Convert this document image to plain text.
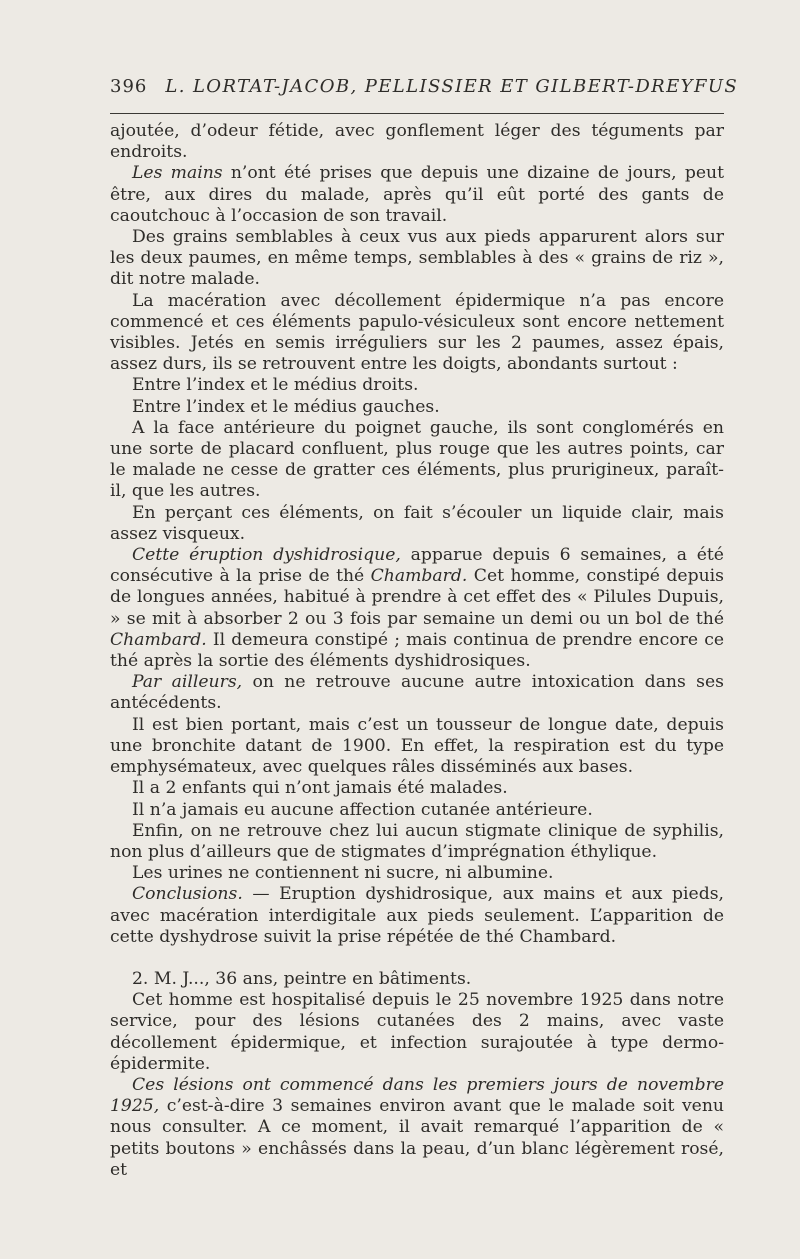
396 L. LORTAT-JACOB, PELLISSIER ET GILBERT-DREYFUS

ajoutée, d’odeur fétide, avec gonflement léger des téguments par endroits.

Les mains n’ont été prises que depuis une dizaine de jours, peut être, aux dires du malade, après qu’il eût porté des gants de caoutchouc à l’occasion de son travail.

Des grains semblables à ceux vus aux pieds apparurent alors sur les deux paumes, en même temps, semblables à des « grains de riz », dit notre malade.

La macération avec décollement épidermique n’a pas encore commencé et ces éléments papulo-vésiculeux sont encore nettement visibles. Jetés en semis irréguliers sur les 2 paumes, assez épais, assez durs, ils se retrouvent entre les doigts, abondants surtout :

Entre l’index et le médius droits.

Entre l’index et le médius gauches.

A la face antérieure du poignet gauche, ils sont conglomérés en une sorte de placard confluent, plus rouge que les autres points, car le malade ne cesse de gratter ces éléments, plus prurigineux, paraît-il, que les autres.

En perçant ces éléments, on fait s’écouler un liquide clair, mais assez visqueux.

Cette éruption dyshidrosique, apparue depuis 6 semaines, a été consécutive à la prise de thé Chambard. Cet homme, constipé depuis de longues années, habitué à prendre à cet effet des « Pilules Dupuis, » se mit à absorber 2 ou 3 fois par semaine un demi ou un bol de thé Chambard. Il demeura constipé ; mais continua de prendre encore ce thé après la sortie des éléments dyshidrosiques.

Par ailleurs, on ne retrouve aucune autre intoxication dans ses antécédents.

Il est bien portant, mais c’est un tousseur de longue date, depuis une bronchite datant de 1900. En effet, la respiration est du type emphysémateux, avec quelques râles disséminés aux bases.

Il a 2 enfants qui n’ont jamais été malades.

Il n’a jamais eu aucune affection cutanée antérieure.

Enfin, on ne retrouve chez lui aucun stigmate clinique de syphilis, non plus d’ailleurs que de stigmates d’imprégnation éthylique.

Les urines ne contiennent ni sucre, ni albumine.

Conclusions. — Eruption dyshidrosique, aux mains et aux pieds, avec macération interdigitale aux pieds seulement. L’apparition de cette dyshydrose suivit la prise répétée de thé Chambard.

2. M. J..., 36 ans, peintre en bâtiments.

Cet homme est hospitalisé depuis le 25 novembre 1925 dans notre service, pour des lésions cutanées des 2 mains, avec vaste décollement épidermique, et infection surajoutée à type dermo-épidermite.

Ces lésions ont commencé dans les premiers jours de novembre 1925, c’est-à-dire 3 semaines environ avant que le malade soit venu nous consulter. A ce moment, il avait remarqué l’apparition de « petits boutons » enchâssés dans la peau, d’un blanc légèrement rosé, et
